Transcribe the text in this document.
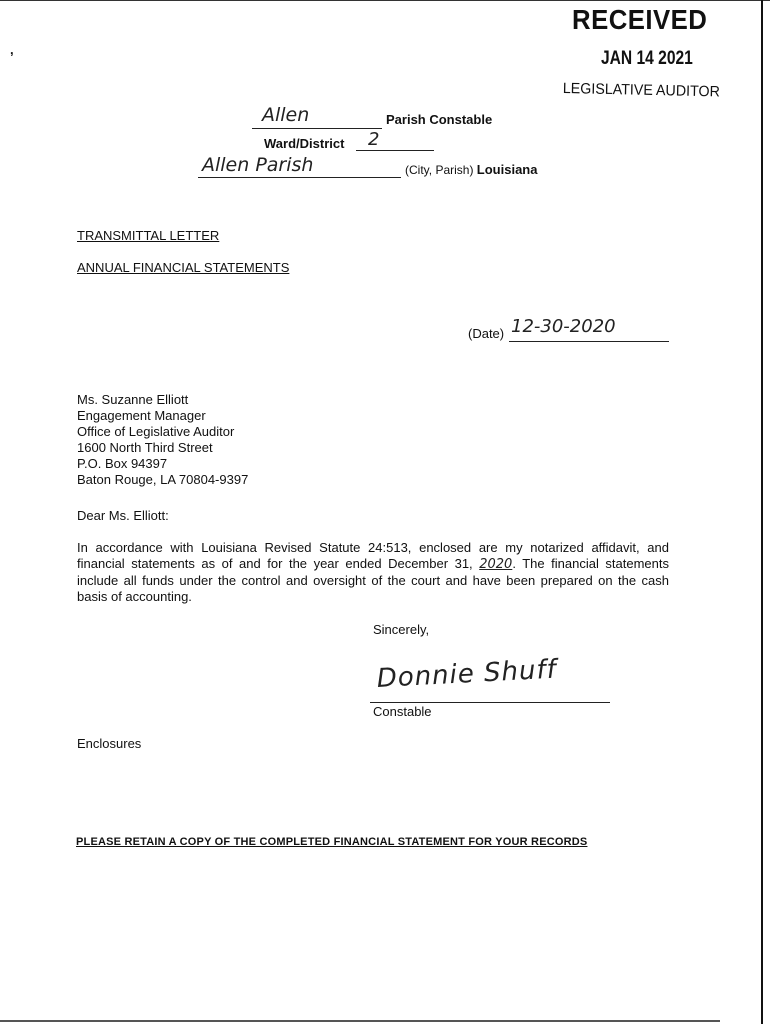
RECEIVED
JAN 14 2021
LEGISLATIVE AUDITOR
Allen	Parish Constable
Ward/District 2
Allen Parish	(City, Parish) Louisiana
TRANSMITTAL LETTER
ANNUAL FINANCIAL STATEMENTS
(Date) 12-30-2020
Ms. Suzanne Elliott
Engagement Manager
Office of Legislative Auditor
1600 North Third Street
P.O. Box 94397
Baton Rouge, LA 70804-9397
Dear Ms. Elliott:
In accordance with Louisiana Revised Statute 24:513, enclosed are my notarized affidavit, and financial statements as of and for the year ended December 31, 2020. The financial statements include all funds under the control and oversight of the court and have been prepared on the cash basis of accounting.
Sincerely,
Donnie Shuff
Constable
Enclosures
PLEASE RETAIN A COPY OF THE COMPLETED FINANCIAL STATEMENT FOR YOUR RECORDS
,
